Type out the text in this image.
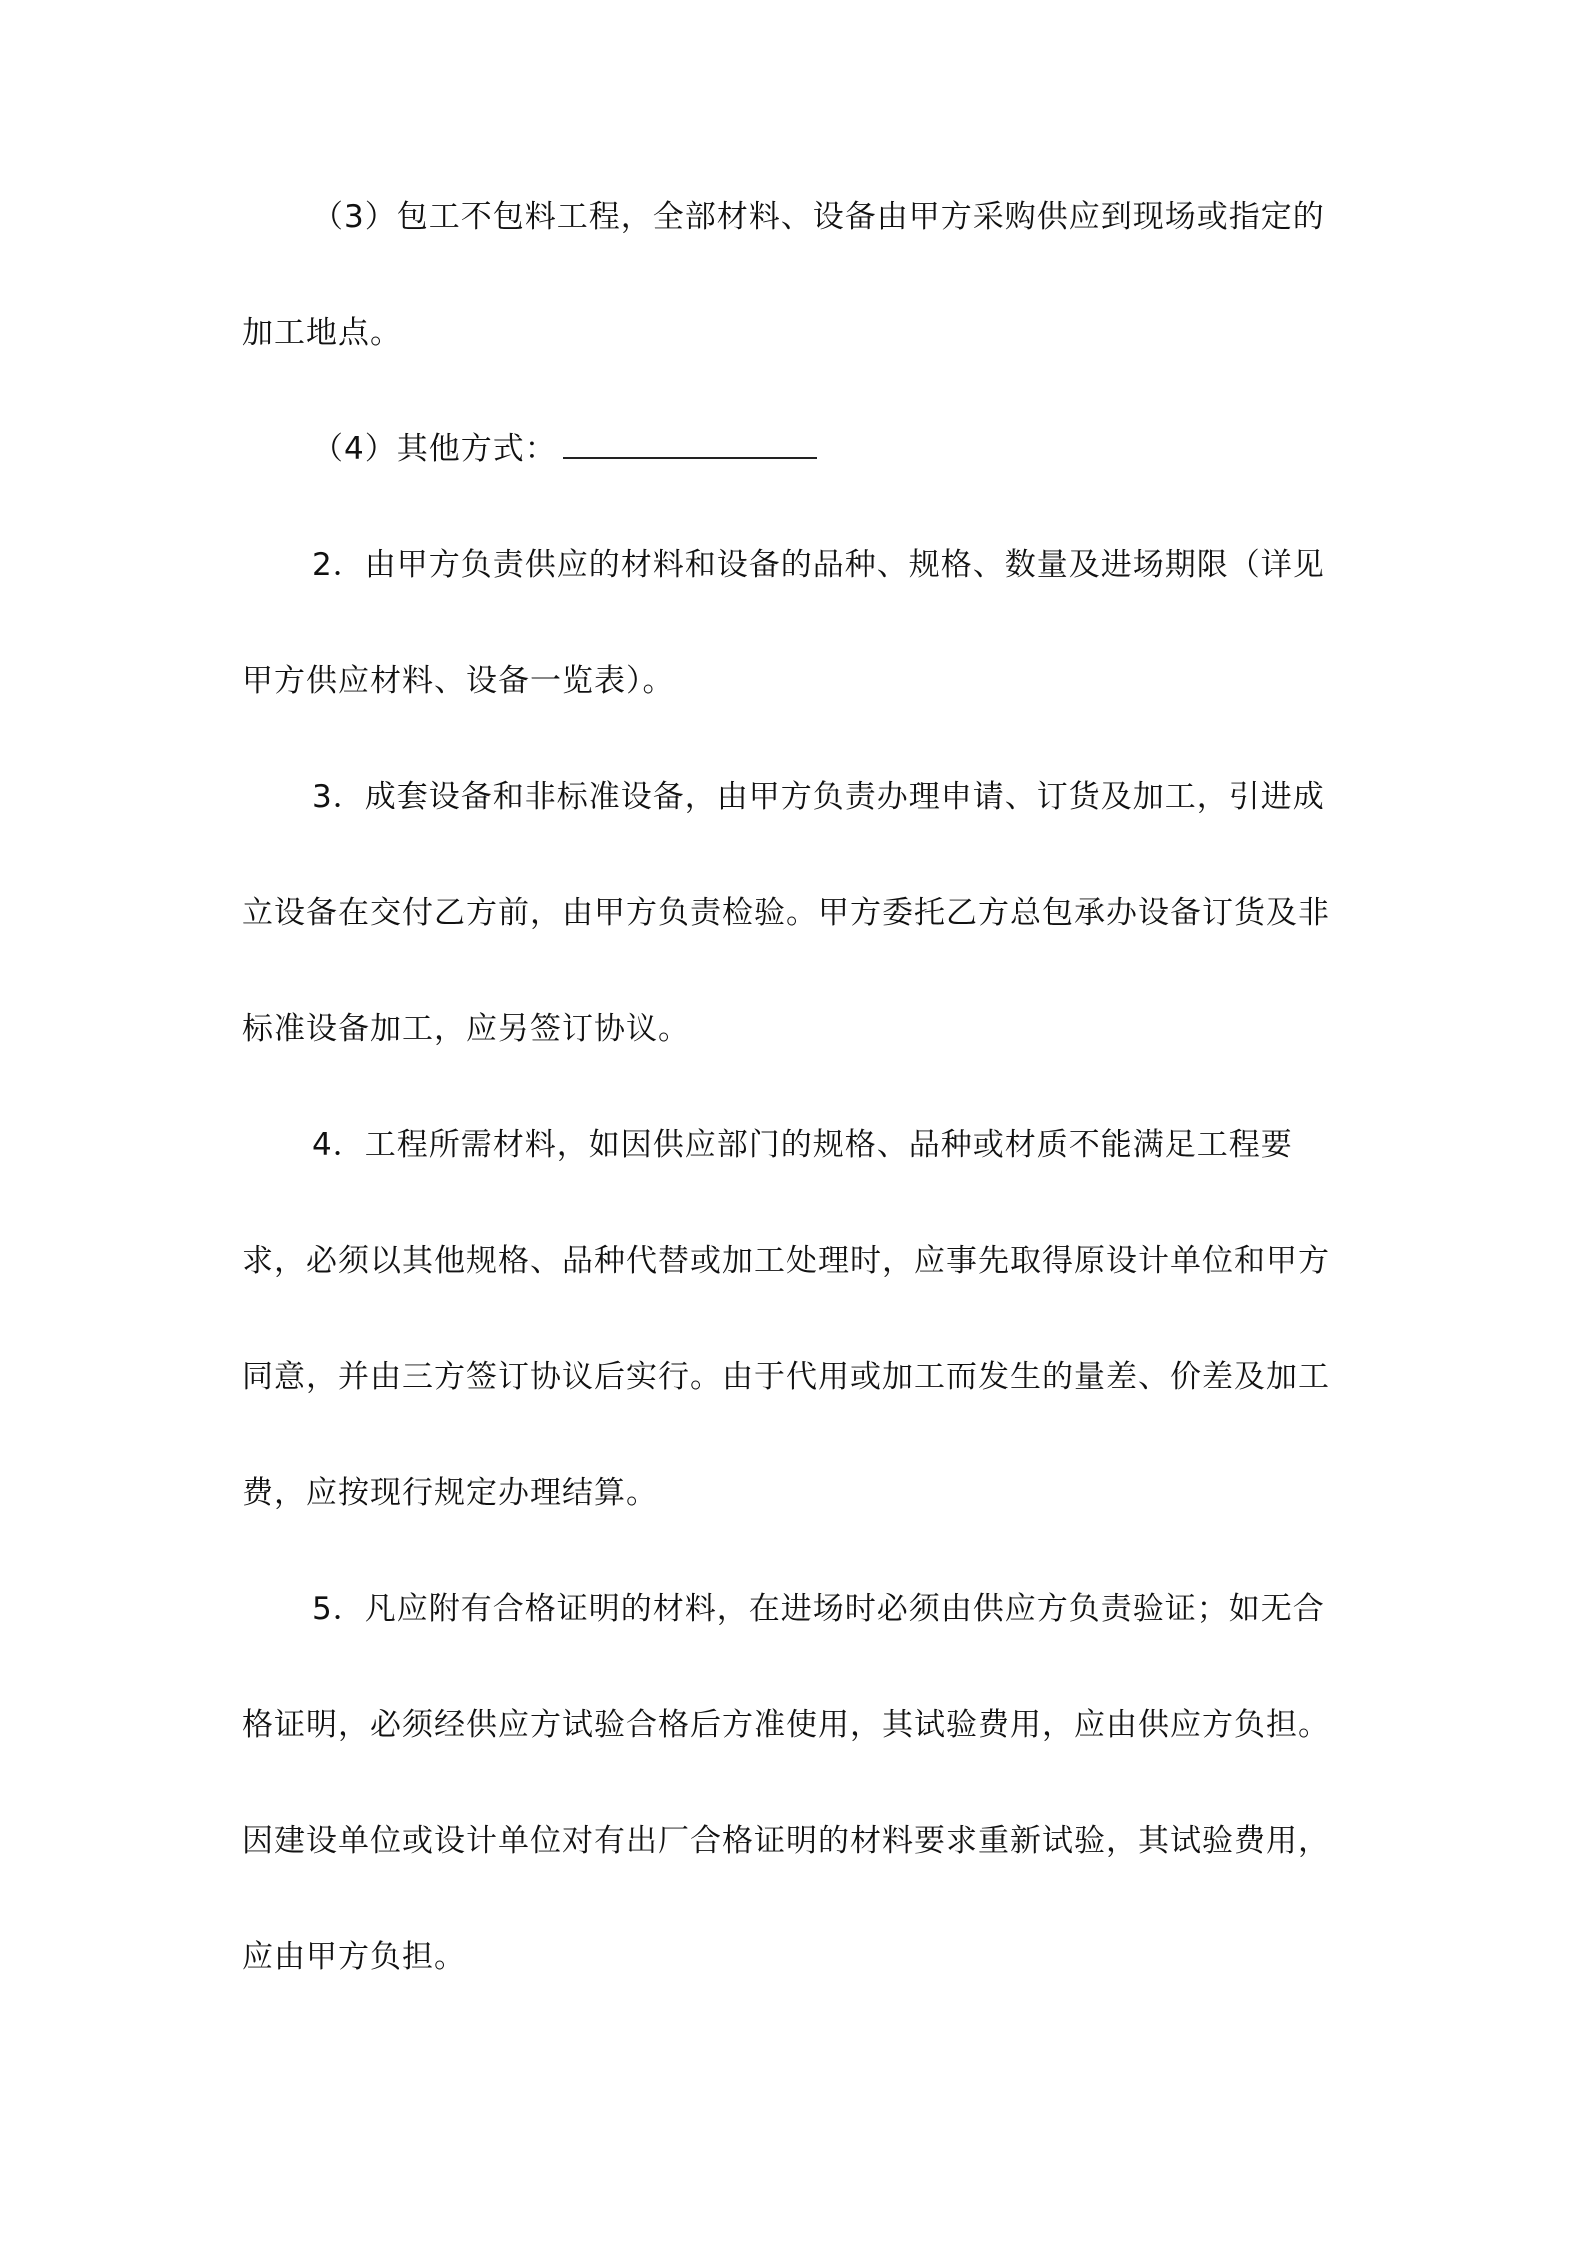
（3）包工不包料工程，全部材料、设备由甲方采购供应到现场或指定的
加工地点。
（4）其他方式：
2．由甲方负责供应的材料和设备的品种、规格、数量及进场期限（详见
甲方供应材料、设备一览表）。
3．成套设备和非标准设备，由甲方负责办理申请、订货及加工，引进成
立设备在交付乙方前，由甲方负责检验。甲方委托乙方总包承办设备订货及非
标准设备加工，应另签订协议。
4．工程所需材料，如因供应部门的规格、品种或材质不能满足工程要
求，必须以其他规格、品种代替或加工处理时，应事先取得原设计单位和甲方
同意，并由三方签订协议后实行。由于代用或加工而发生的量差、价差及加工
费，应按现行规定办理结算。
5．凡应附有合格证明的材料，在进场时必须由供应方负责验证；如无合
格证明，必须经供应方试验合格后方准使用，其试验费用，应由供应方负担。
因建设单位或设计单位对有出厂合格证明的材料要求重新试验，其试验费用，
应由甲方负担。
